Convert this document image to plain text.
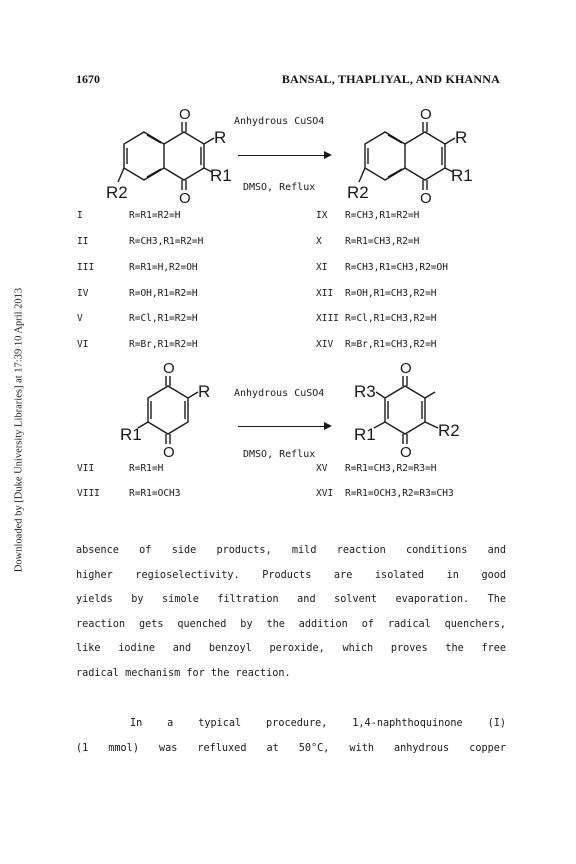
Downloaded by [Duke University Libraries] at 17:39 10 April 2013
1670	BANSAL, THAPLIYAL, AND KHANNA
O
O
R
R1
R2
Anhydrous CuSO4
DMSO, Reflux
O
O
R
R1
R2
I	R=R1=R2=H
II	R=CH3,R1=R2=H
III	R=R1=H,R2=OH
IV	R=OH,R1=R2=H
V	R=Cl,R1=R2=H
VI	R=Br,R1=R2=H
IX R=CH3,R1=R2=H
X R=R1=CH3,R2=H
XI R=CH3,R1=CH3,R2=OH
XII R=OH,R1=CH3,R2=H
XIII R=Cl,R1=CH3,R2=H
XIV R=Br,R1=CH3,R2=H
O
O
R
R1
Anhydrous CuSO4
DMSO, Reflux
O
O
R3
R1	R2
VII	R=R1=H
VIII	R=R1=OCH3
XV R=R1=CH3,R2=R3=H
XVI R=R1=OCH3,R2=R3=CH3
absence of side products, mild reaction conditions and
higher regioselectivity. Products are isolated in good
yields by simole filtration and solvent evaporation. The
reaction gets quenched by the addition of radical quenchers,
like iodine and benzoyl peroxide, which proves the free
radical mechanism for the reaction.
In a typical procedure, 1,4-naphthoquinone (I)
(1 mmol) was refluxed at 50°C, with anhydrous copper
